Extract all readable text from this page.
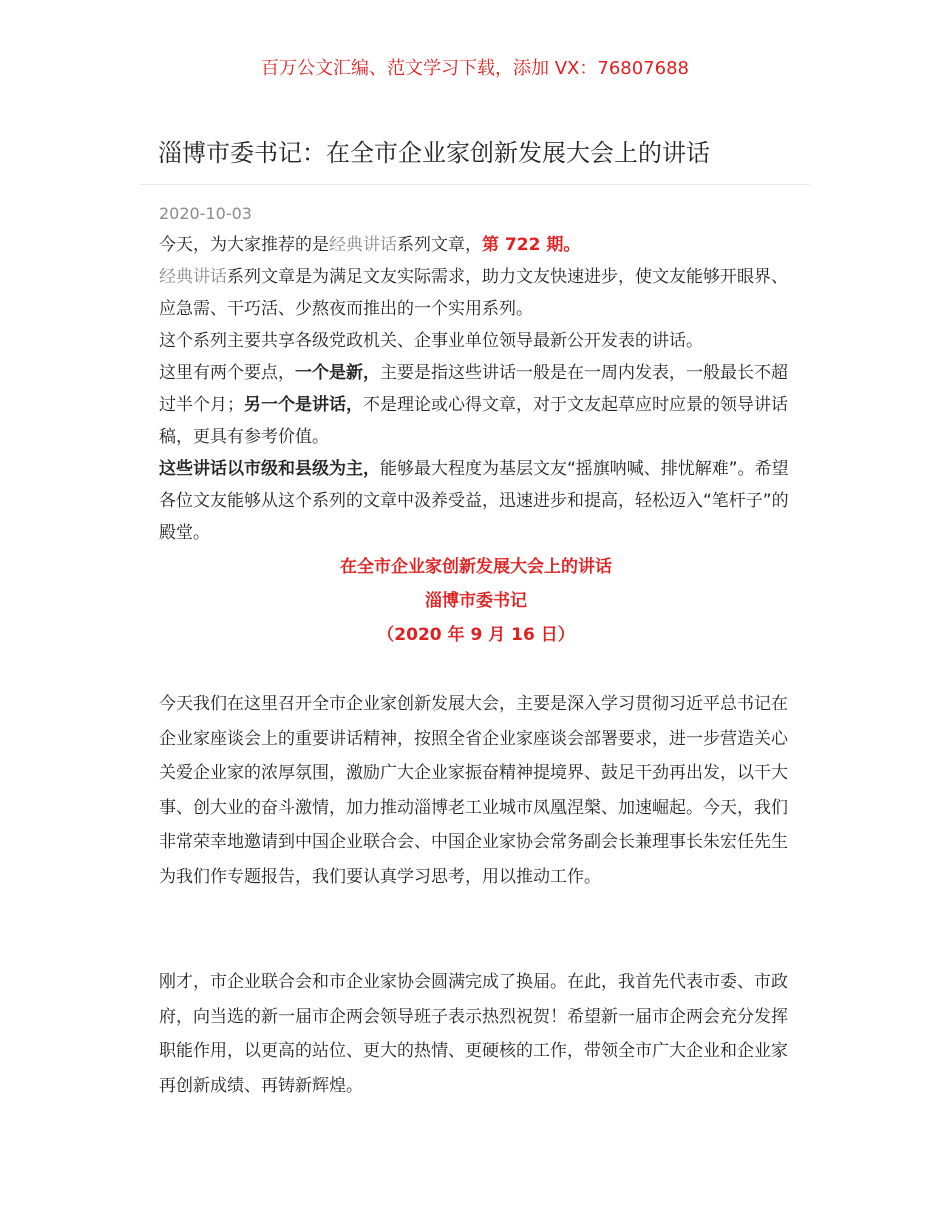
百万公文汇编、范文学习下载，添加 VX：76807688
淄博市委书记：在全市企业家创新发展大会上的讲话
2020-10-03

今天，为大家推荐的是经典讲话系列文章，第 722 期。

经典讲话系列文章是为满足文友实际需求，助力文友快速进步，使文友能够开眼界、应急需、干巧活、少熬夜而推出的一个实用系列。

这个系列主要共享各级党政机关、企事业单位领导最新公开发表的讲话。

这里有两个要点，一个是新，主要是指这些讲话一般是在一周内发表，一般最长不超过半个月；另一个是讲话，不是理论或心得文章，对于文友起草应时应景的领导讲话稿，更具有参考价值。

这些讲话以市级和县级为主，能够最大程度为基层文友“摇旗呐喊、排忧解难”。希望各位文友能够从这个系列的文章中汲养受益，迅速进步和提高，轻松迈入“笔杆子”的殿堂。

在全市企业家创新发展大会上的讲话
淄博市委书记
（2020 年 9 月 16 日）

今天我们在这里召开全市企业家创新发展大会，主要是深入学习贯彻习近平总书记在企业家座谈会上的重要讲话精神，按照全省企业家座谈会部署要求，进一步营造关心关爱企业家的浓厚氛围，激励广大企业家振奋精神提境界、鼓足干劲再出发，以干大事、创大业的奋斗激情，加力推动淄博老工业城市凤凰涅槃、加速崛起。今天，我们非常荣幸地邀请到中国企业联合会、中国企业家协会常务副会长兼理事长朱宏任先生为我们作专题报告，我们要认真学习思考，用以推动工作。

刚才，市企业联合会和市企业家协会圆满完成了换届。在此，我首先代表市委、市政府，向当选的新一届市企两会领导班子表示热烈祝贺！希望新一届市企两会充分发挥职能作用，以更高的站位、更大的热情、更硬核的工作，带领全市广大企业和企业家再创新成绩、再铸新辉煌。
